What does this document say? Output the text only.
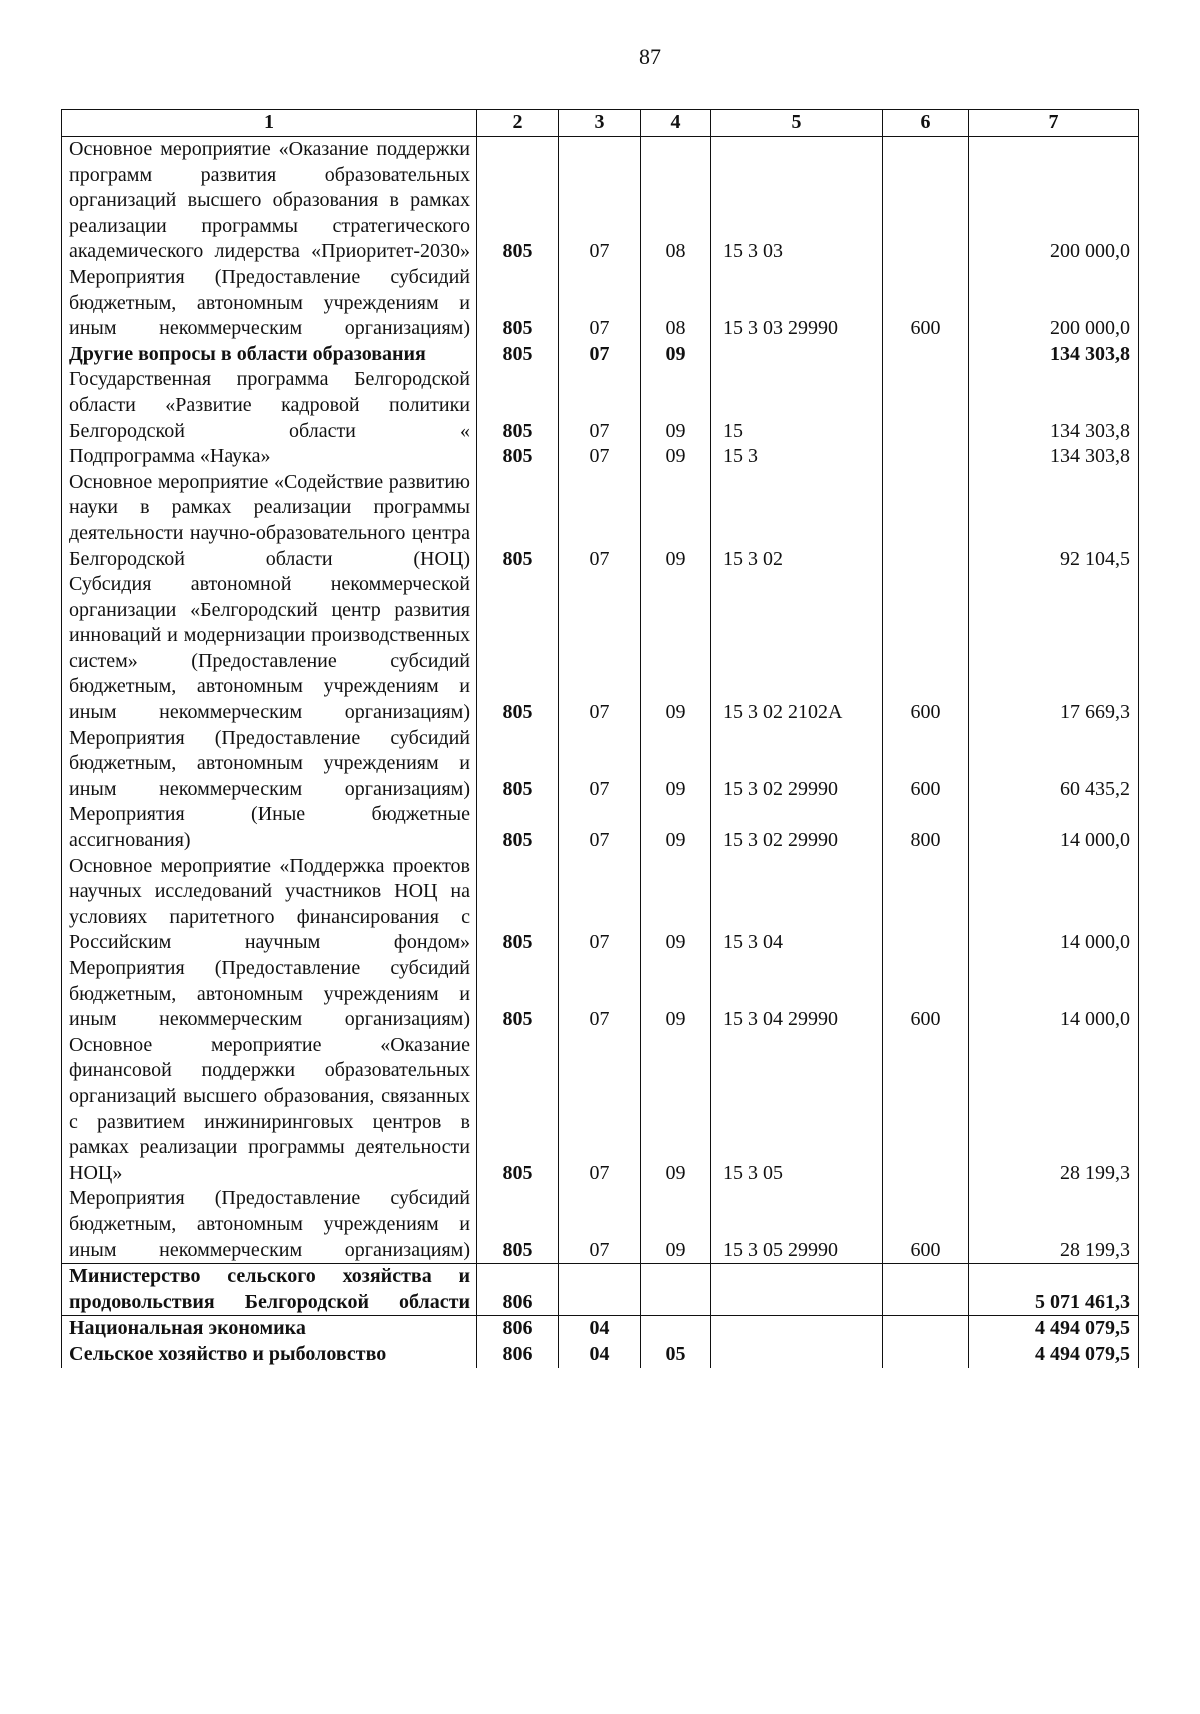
87
1	2	3	4	5	6	7
Основное мероприятие «Оказание поддержки программ развития образовательных организаций высшего образования в рамках реализации программы стратегического академического лидерства «Приоритет-2030»	805	07	08	15 3 03		200 000,0
Мероприятия (Предоставление субсидий бюджетным, автономным учреждениям и иным некоммерческим организациям)	805	07	08	15 3 03 29990	600	200 000,0
Другие вопросы в области образования	805	07	09			134 303,8
Государственная программа Белгородской области «Развитие кадровой политики Белгородской области «	805	07	09	15		134 303,8
Подпрограмма «Наука»	805	07	09	15 3		134 303,8
Основное мероприятие «Содействие развитию науки в рамках реализации программы деятельности научно-образовательного центра Белгородской области (НОЦ)	805	07	09	15 3 02		92 104,5
Субсидия автономной некоммерческой организации «Белгородский центр развития инноваций и модернизации производственных систем» (Предоставление субсидий бюджетным, автономным учреждениям и иным некоммерческим организациям)	805	07	09	15 3 02 2102А	600	17 669,3
Мероприятия (Предоставление субсидий бюджетным, автономным учреждениям и иным некоммерческим организациям)	805	07	09	15 3 02 29990	600	60 435,2
Мероприятия (Иные бюджетные ассигнования)	805	07	09	15 3 02 29990	800	14 000,0
Основное мероприятие «Поддержка проектов научных исследований участников НОЦ на условиях паритетного финансирования с Российским научным фондом»	805	07	09	15 3 04		14 000,0
Мероприятия (Предоставление субсидий бюджетным, автономным учреждениям и иным некоммерческим организациям)	805	07	09	15 3 04 29990	600	14 000,0
Основное мероприятие «Оказание финансовой поддержки образовательных организаций высшего образования, связанных с развитием инжиниринговых центров в рамках реализации программы деятельности НОЦ»	805	07	09	15 3 05		28 199,3
Мероприятия (Предоставление субсидий бюджетным, автономным учреждениям и иным некоммерческим организациям)	805	07	09	15 3 05 29990	600	28 199,3
Министерство сельского хозяйства и продовольствия Белгородской области	806					5 071 461,3
Национальная экономика	806	04				4 494 079,5
Сельское хозяйство и рыболовство	806	04	05			4 494 079,5
